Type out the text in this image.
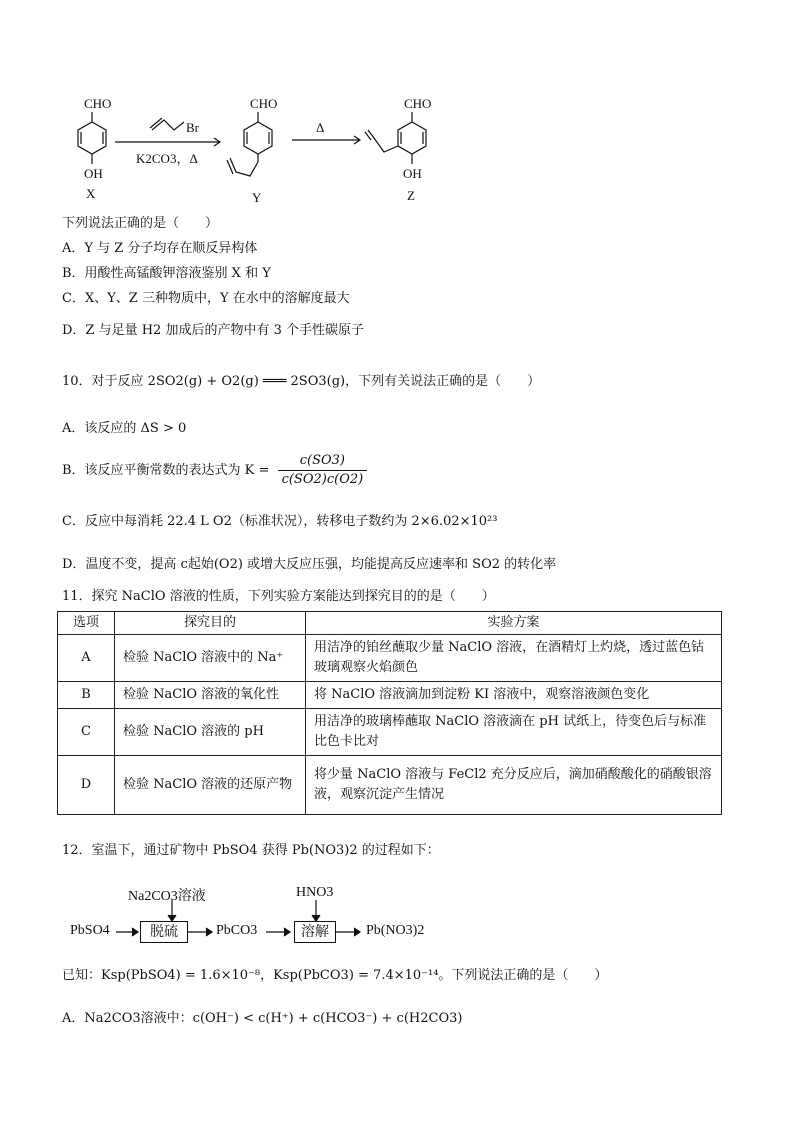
CHO
OH
X
Br
K2CO3，Δ
CHO
Y
Δ
CHO
OH
Z
下列说法正确的是（　　）
A．Y 与 Z 分子均存在顺反异构体
B．用酸性高锰酸钾溶液鉴别 X 和 Y
C．X、Y、Z 三种物质中，Y 在水中的溶解度最大
D．Z 与足量 H2 加成后的产物中有 3 个手性碳原子
10．对于反应 2SO2(g) + O2(g) ═══ 2SO3(g)，下列有关说法正确的是（　　）
A．该反应的 ΔS > 0
B．该反应平衡常数的表达式为 $K = \frac{c(SO3)}{c(SO2)c(O2)}$
C．反应中每消耗 22.4 L O2（标准状况），转移电子数约为 2×6.02×10²³
D．温度不变，提高 c起始(O2) 或增大反应压强，均能提高反应速率和 SO2 的转化率
11．探究 NaClO 溶液的性质，下列实验方案能达到探究目的的是（　　）
选项	探究目的	实验方案
A	检验 NaClO 溶液中的 Na⁺	用洁净的铂丝蘸取少量 NaClO 溶液，在酒精灯上灼烧，透过蓝色钴玻璃观察火焰颜色
B	检验 NaClO 溶液的氧化性	将 NaClO 溶液滴加到淀粉 KI 溶液中，观察溶液颜色变化
C	检验 NaClO 溶液的 pH	用洁净的玻璃棒蘸取 NaClO 溶液滴在 pH 试纸上，待变色后与标准比色卡比对
D	检验 NaClO 溶液的还原产物	将少量 NaClO 溶液与 FeCl2 充分反应后，滴加硝酸酸化的硝酸银溶液，观察沉淀产生情况
12．室温下，通过矿物中 PbSO4 获得 Pb(NO3)2 的过程如下：
Na2CO3溶液	HNO3
PbSO4	脱硫	PbCO3	溶解	Pb(NO3)2
已知：Ksp(PbSO4) = 1.6×10⁻⁸，Ksp(PbCO3) = 7.4×10⁻¹⁴。下列说法正确的是（　　）
A．Na2CO3溶液中：c(OH⁻) < c(H⁺) + c(HCO3⁻) + c(H2CO3)
